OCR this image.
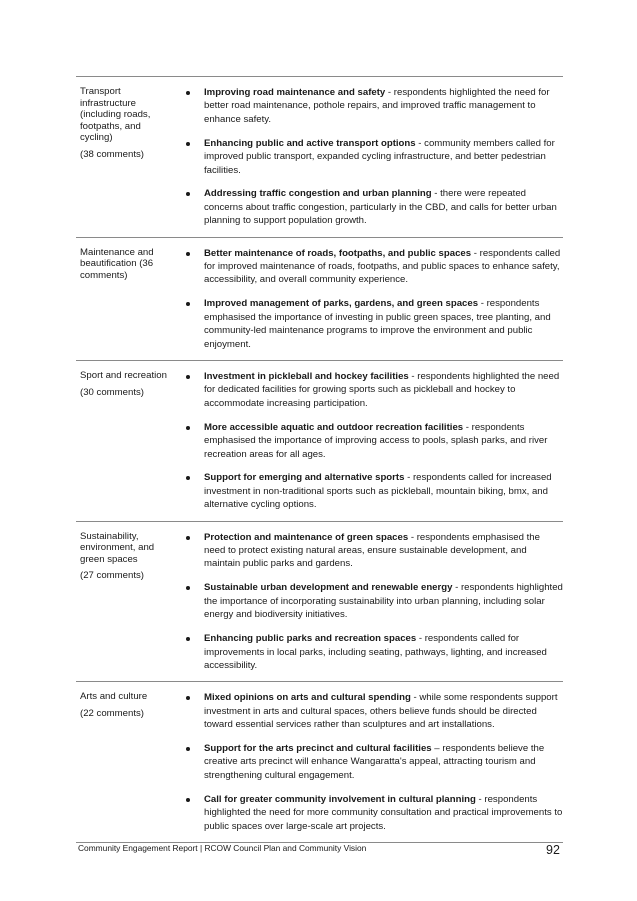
Transport infrastructure (including roads, footpaths, and cycling)
(38 comments)
Improving road maintenance and safety - respondents highlighted the need for better road maintenance, pothole repairs, and improved traffic management to enhance safety.
Enhancing public and active transport options - community members called for improved public transport, expanded cycling infrastructure, and better pedestrian facilities.
Addressing traffic congestion and urban planning - there were repeated concerns about traffic congestion, particularly in the CBD, and calls for better urban planning to support population growth.
Maintenance and beautification (36 comments)
Better maintenance of roads, footpaths, and public spaces - respondents called for improved maintenance of roads, footpaths, and public spaces to enhance safety, accessibility, and overall community experience.
Improved management of parks, gardens, and green spaces - respondents emphasised the importance of investing in public green spaces, tree planting, and community-led maintenance programs to improve the environment and public enjoyment.
Sport and recreation
(30 comments)
Investment in pickleball and hockey facilities - respondents highlighted the need for dedicated facilities for growing sports such as pickleball and hockey to accommodate increasing participation.
More accessible aquatic and outdoor recreation facilities - respondents emphasised the importance of improving access to pools, splash parks, and river recreation areas for all ages.
Support for emerging and alternative sports - respondents called for increased investment in non-traditional sports such as pickleball, mountain biking, bmx, and alternative cycling options.
Sustainability, environment, and green spaces
(27 comments)
Protection and maintenance of green spaces - respondents emphasised the need to protect existing natural areas, ensure sustainable development, and maintain public parks and gardens.
Sustainable urban development and renewable energy - respondents highlighted the importance of incorporating sustainability into urban planning, including solar energy and biodiversity initiatives.
Enhancing public parks and recreation spaces - respondents called for improvements in local parks, including seating, pathways, lighting, and increased accessibility.
Arts and culture
(22 comments)
Mixed opinions on arts and cultural spending - while some respondents support investment in arts and cultural spaces, others believe funds should be directed toward essential services rather than sculptures and art installations.
Support for the arts precinct and cultural facilities – respondents believe the creative arts precinct will enhance Wangaratta's appeal, attracting tourism and strengthening cultural engagement.
Call for greater community involvement in cultural planning - respondents highlighted the need for more community consultation and practical improvements to public spaces over large-scale art projects.
Community Engagement Report | RCOW Council Plan and Community Vision	92
